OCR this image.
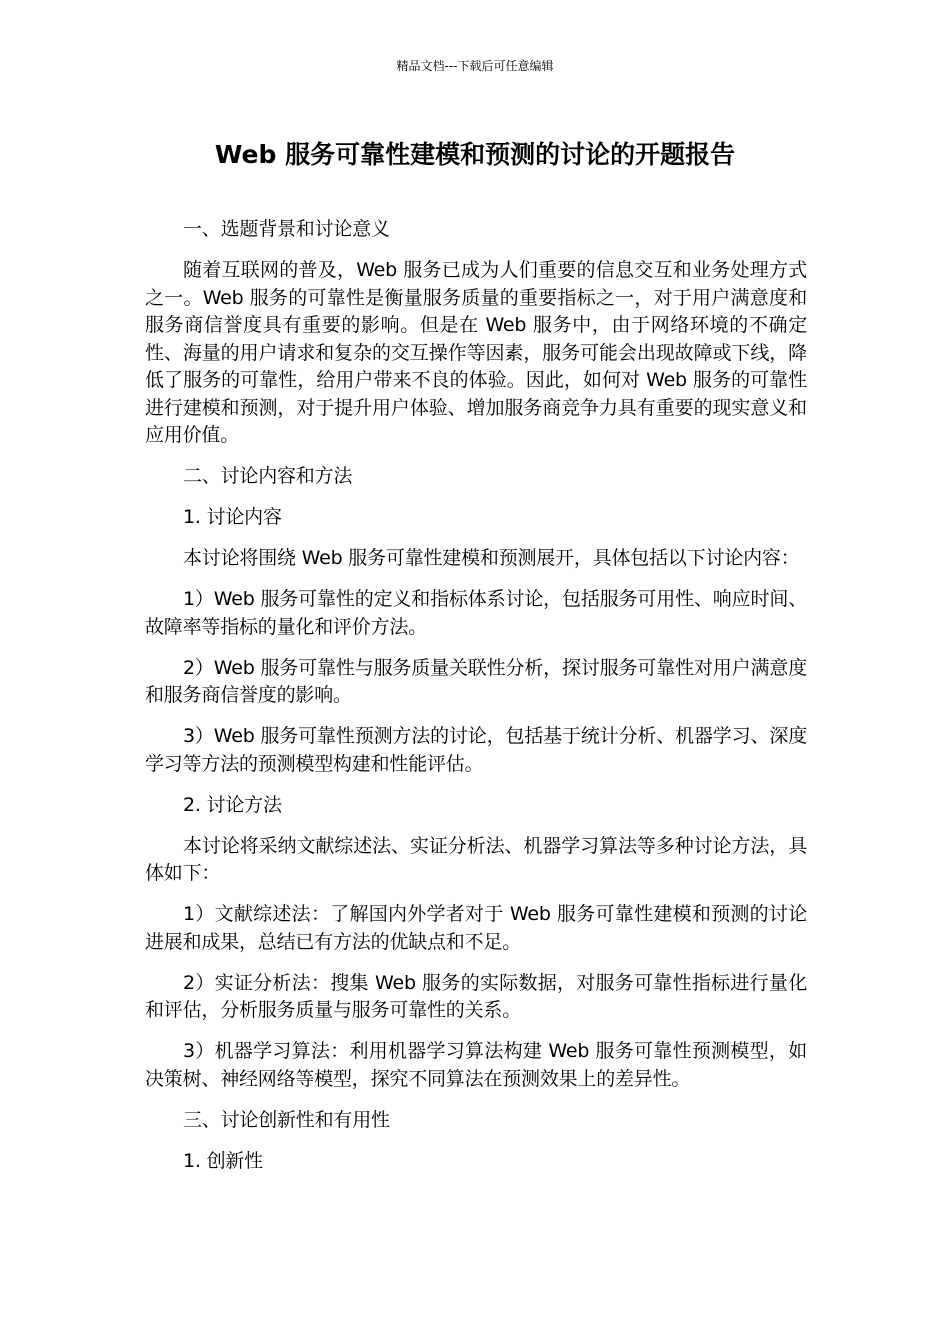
精品文档---下载后可任意编辑
Web 服务可靠性建模和预测的讨论的开题报告

一、选题背景和讨论意义

随着互联网的普及，Web 服务已成为人们重要的信息交互和业务处理方式之一。Web 服务的可靠性是衡量服务质量的重要指标之一，对于用户满意度和服务商信誉度具有重要的影响。但是在 Web 服务中，由于网络环境的不确定性、海量的用户请求和复杂的交互操作等因素，服务可能会出现故障或下线，降低了服务的可靠性，给用户带来不良的体验。因此，如何对 Web 服务的可靠性进行建模和预测，对于提升用户体验、增加服务商竞争力具有重要的现实意义和应用价值。

二、讨论内容和方法

1. 讨论内容

本讨论将围绕 Web 服务可靠性建模和预测展开，具体包括以下讨论内容：

1）Web 服务可靠性的定义和指标体系讨论，包括服务可用性、响应时间、故障率等指标的量化和评价方法。

2）Web 服务可靠性与服务质量关联性分析，探讨服务可靠性对用户满意度和服务商信誉度的影响。

3）Web 服务可靠性预测方法的讨论，包括基于统计分析、机器学习、深度学习等方法的预测模型构建和性能评估。

2. 讨论方法

本讨论将采纳文献综述法、实证分析法、机器学习算法等多种讨论方法，具体如下：

1）文献综述法：了解国内外学者对于 Web 服务可靠性建模和预测的讨论进展和成果，总结已有方法的优缺点和不足。

2）实证分析法：搜集 Web 服务的实际数据，对服务可靠性指标进行量化和评估，分析服务质量与服务可靠性的关系。

3）机器学习算法：利用机器学习算法构建 Web 服务可靠性预测模型，如决策树、神经网络等模型，探究不同算法在预测效果上的差异性。

三、讨论创新性和有用性

1. 创新性
